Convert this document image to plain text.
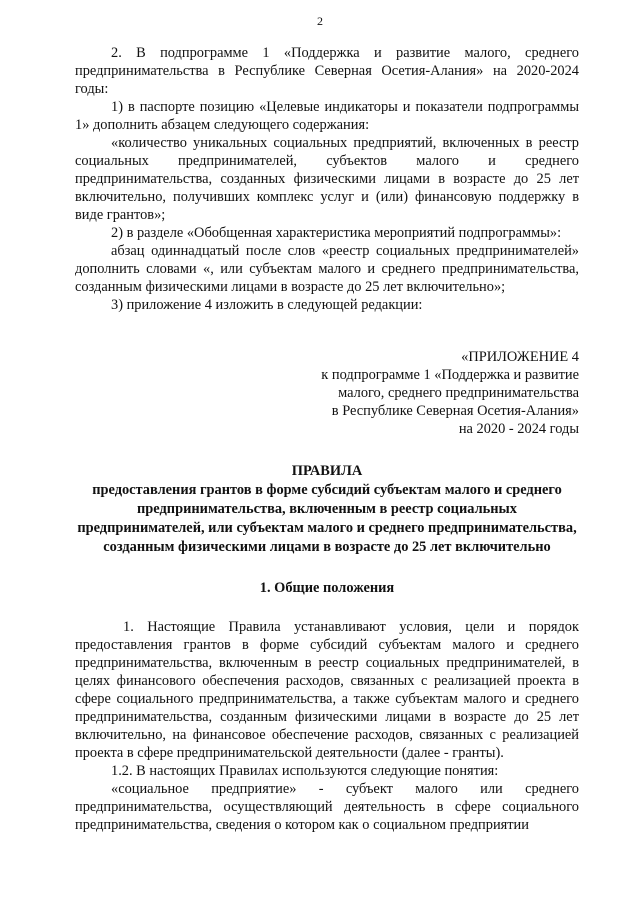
2

2. В подпрограмме 1 «Поддержка и развитие малого, среднего предпринимательства в Республике Северная Осетия-Алания» на 2020-2024 годы:

1) в паспорте позицию «Целевые индикаторы и показатели подпрограммы 1» дополнить абзацем следующего содержания:

«количество уникальных социальных предприятий, включенных в реестр социальных предпринимателей, субъектов малого и среднего предпринимательства, созданных физическими лицами в возрасте до 25 лет включительно, получивших комплекс услуг и (или) финансовую поддержку в виде грантов»;

2) в разделе «Обобщенная характеристика мероприятий подпрограммы»:

абзац одиннадцатый после слов «реестр социальных предпринимателей» дополнить словами «, или субъектам малого и среднего предпринимательства, созданным физическими лицами в возрасте до 25 лет включительно»;

3) приложение 4 изложить в следующей редакции:

«ПРИЛОЖЕНИЕ 4
к подпрограмме 1 «Поддержка и развитие
малого, среднего предпринимательства
в Республике Северная Осетия-Алания»
на 2020 - 2024 годы
ПРАВИЛА
предоставления грантов в форме субсидий субъектам малого и среднего предпринимательства, включенным в реестр социальных предпринимателей, или субъектам малого и среднего предпринимательства, созданным физическими лицами в возрасте до 25 лет включительно
1. Общие положения

1. Настоящие Правила устанавливают условия, цели и порядок предоставления грантов в форме субсидий субъектам малого и среднего предпринимательства, включенным в реестр социальных предпринимателей, в целях финансового обеспечения расходов, связанных с реализацией проекта в сфере социального предпринимательства, а также субъектам малого и среднего предпринимательства, созданным физическими лицами в возрасте до 25 лет включительно, на финансовое обеспечение расходов, связанных с реализацией проекта в сфере предпринимательской деятельности (далее - гранты).

1.2. В настоящих Правилах используются следующие понятия:

«социальное предприятие» - субъект малого или среднего предпринимательства, осуществляющий деятельность в сфере социального предпринимательства, сведения о котором как о социальном предприятии
